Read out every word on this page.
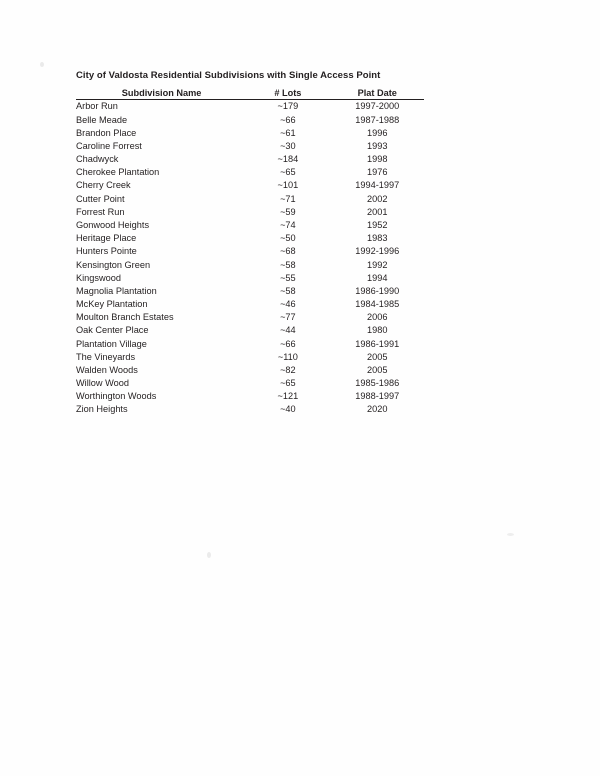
City of Valdosta Residential Subdivisions with Single Access Point
Subdivision Name	# Lots	Plat Date
Arbor Run	~179	1997-2000
Belle Meade	~66	1987-1988
Brandon Place	~61	1996
Caroline Forrest	~30	1993
Chadwyck	~184	1998
Cherokee Plantation	~65	1976
Cherry Creek	~101	1994-1997
Cutter Point	~71	2002
Forrest Run	~59	2001
Gonwood Heights	~74	1952
Heritage Place	~50	1983
Hunters Pointe	~68	1992-1996
Kensington Green	~58	1992
Kingswood	~55	1994
Magnolia Plantation	~58	1986-1990
McKey Plantation	~46	1984-1985
Moulton Branch Estates	~77	2006
Oak Center Place	~44	1980
Plantation Village	~66	1986-1991
The Vineyards	~110	2005
Walden Woods	~82	2005
Willow Wood	~65	1985-1986
Worthington Woods	~121	1988-1997
Zion Heights	~40	2020
